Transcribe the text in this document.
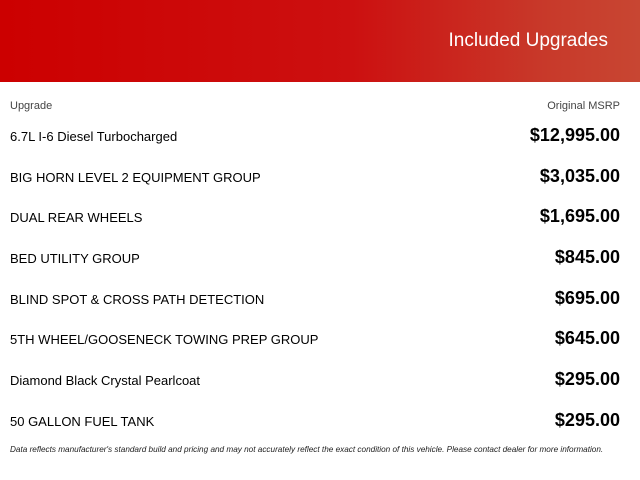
Included Upgrades
Upgrade	Original MSRP
6.7L I-6 Diesel Turbocharged	$12,995.00
BIG HORN LEVEL 2 EQUIPMENT GROUP	$3,035.00
DUAL REAR WHEELS	$1,695.00
BED UTILITY GROUP	$845.00
BLIND SPOT & CROSS PATH DETECTION	$695.00
5TH WHEEL/GOOSENECK TOWING PREP GROUP	$645.00
Diamond Black Crystal Pearlcoat	$295.00
50 GALLON FUEL TANK	$295.00
Data reflects manufacturer's standard build and pricing and may not accurately reflect the exact condition of this vehicle. Please contact dealer for more information.
